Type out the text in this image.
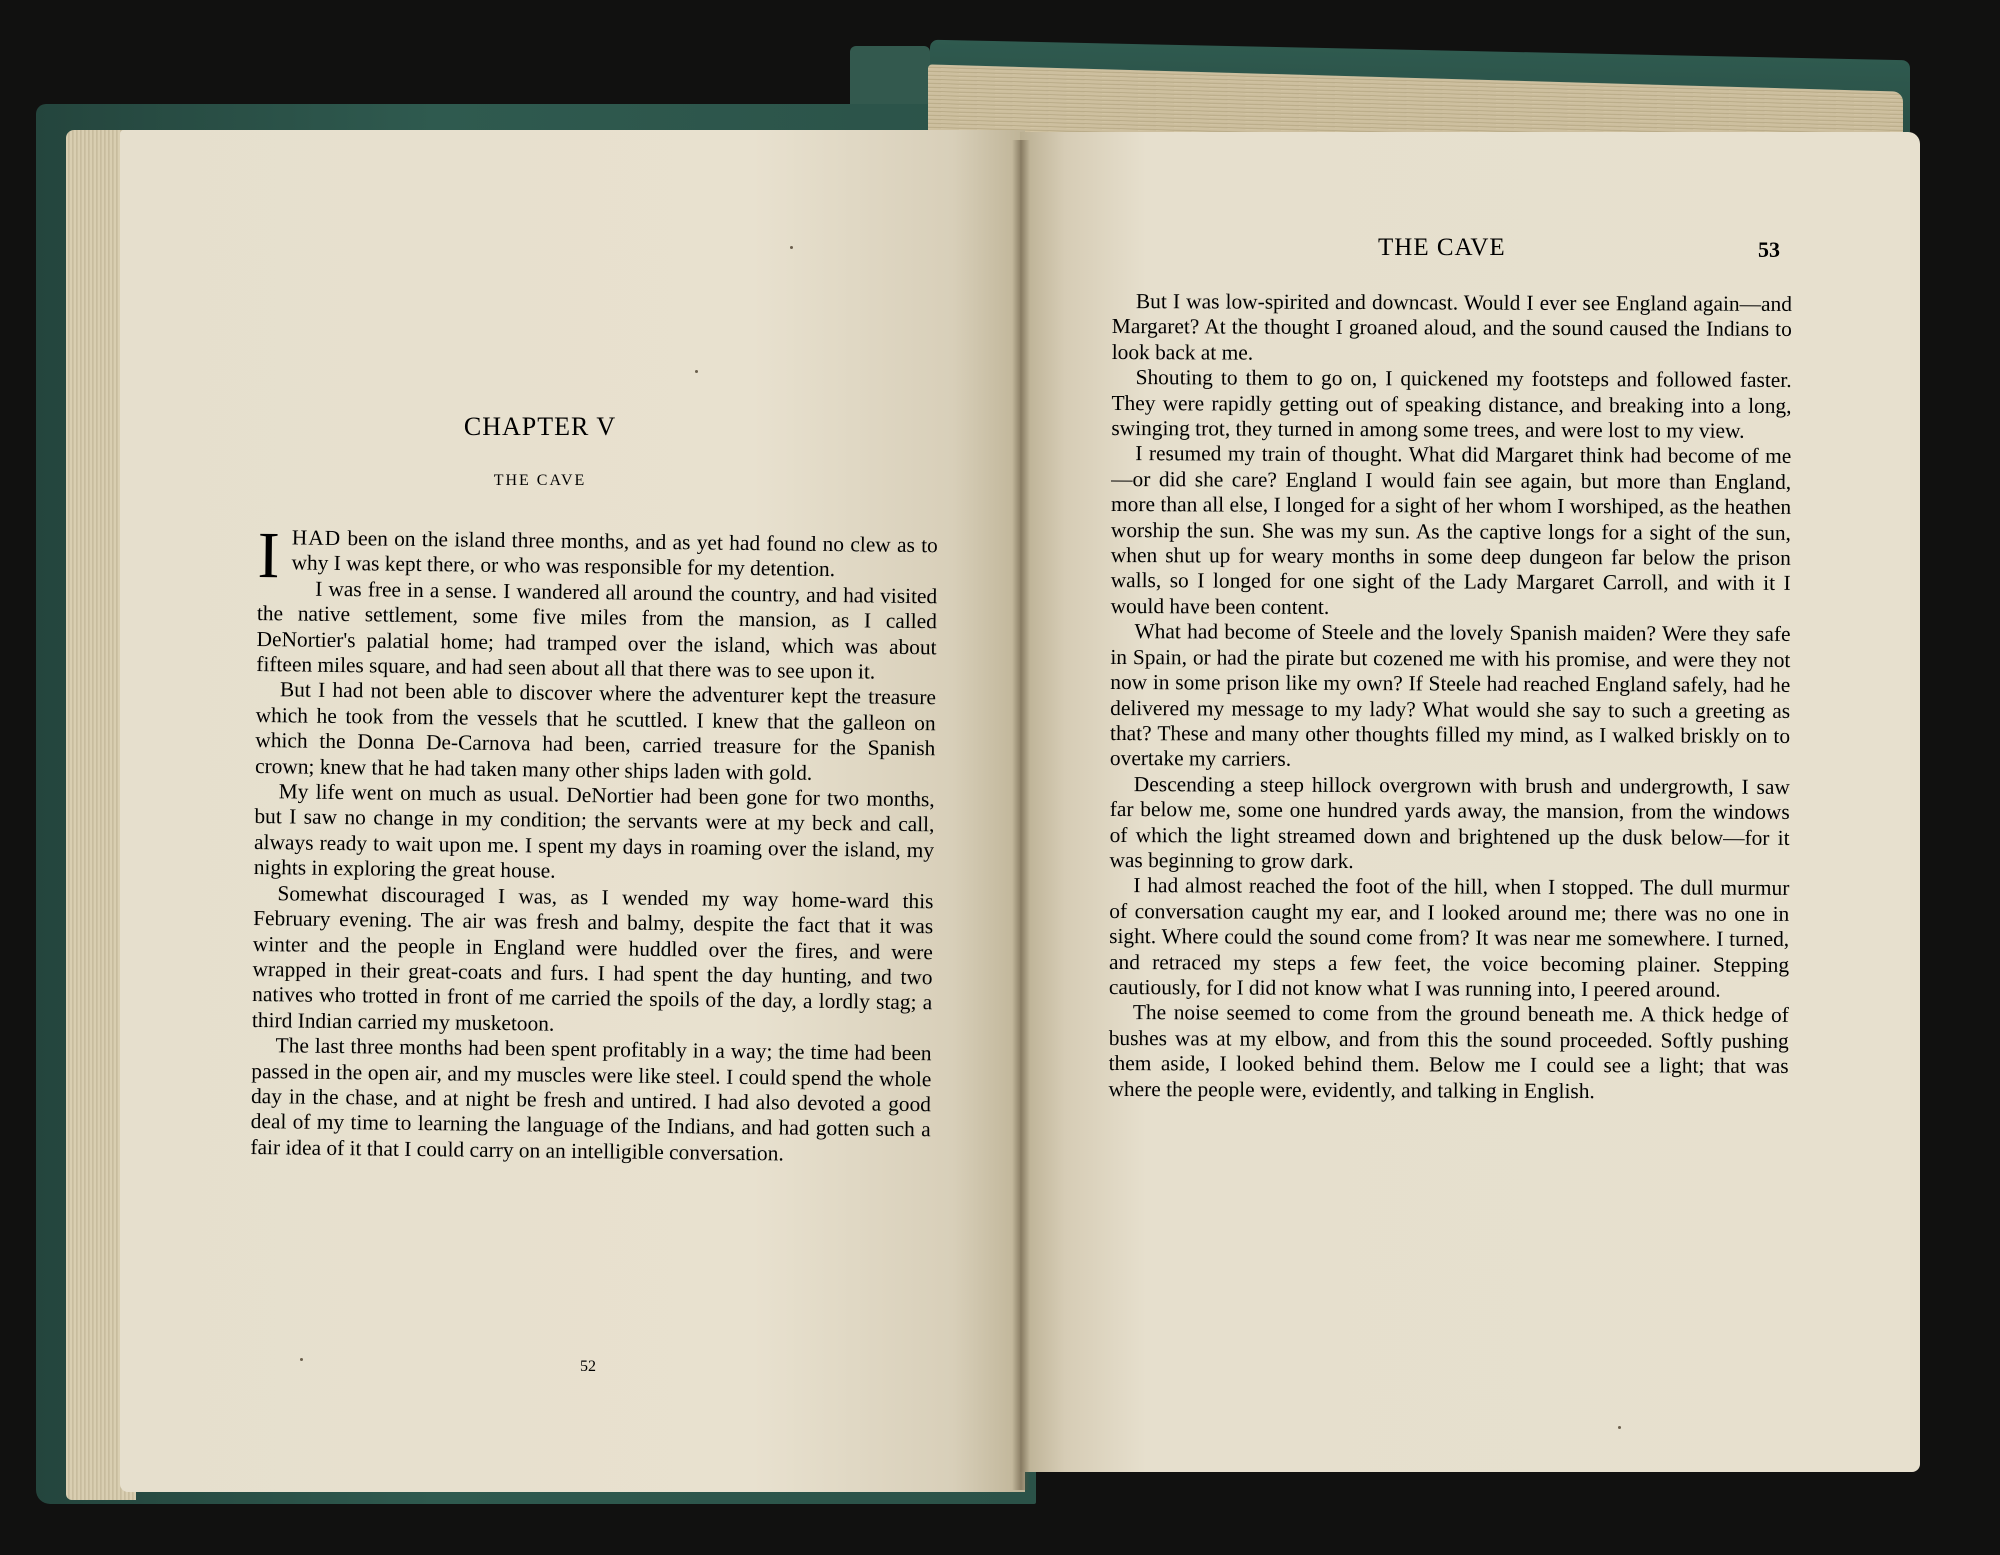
CHAPTER V
THE CAVE

IHAD been on the island three months, and as yet had found no clew as to why I was kept there, or who was responsible for my detention.

I was free in a sense. I wandered all around the country, and had visited the native settlement, some five miles from the mansion, as I called DeNortier's palatial home; had tramped over the island, which was about fifteen miles square, and had seen about all that there was to see upon it.

But I had not been able to discover where the adventurer kept the treasure which he took from the vessels that he scuttled. I knew that the galleon on which the Donna De-Carnova had been, carried treasure for the Spanish crown; knew that he had taken many other ships laden with gold.

My life went on much as usual. DeNortier had been gone for two months, but I saw no change in my condition; the servants were at my beck and call, always ready to wait upon me. I spent my days in roaming over the island, my nights in exploring the great house.

Somewhat discouraged I was, as I wended my way home-ward this February evening. The air was fresh and balmy, despite the fact that it was winter and the people in England were huddled over the fires, and were wrapped in their great-coats and furs. I had spent the day hunting, and two natives who trotted in front of me carried the spoils of the day, a lordly stag; a third Indian carried my musketoon.

The last three months had been spent profitably in a way; the time had been passed in the open air, and my muscles were like steel. I could spend the whole day in the chase, and at night be fresh and untired. I had also devoted a good deal of my time to learning the language of the Indians, and had gotten such a fair idea of it that I could carry on an intelligible conversation.

52
THE CAVE	53

But I was low-spirited and downcast. Would I ever see England again—and Margaret? At the thought I groaned aloud, and the sound caused the Indians to look back at me.

Shouting to them to go on, I quickened my footsteps and followed faster. They were rapidly getting out of speaking distance, and breaking into a long, swinging trot, they turned in among some trees, and were lost to my view.

I resumed my train of thought. What did Margaret think had become of me—or did she care? England I would fain see again, but more than England, more than all else, I longed for a sight of her whom I worshiped, as the heathen worship the sun. She was my sun. As the captive longs for a sight of the sun, when shut up for weary months in some deep dungeon far below the prison walls, so I longed for one sight of the Lady Margaret Carroll, and with it I would have been content.

What had become of Steele and the lovely Spanish maiden? Were they safe in Spain, or had the pirate but cozened me with his promise, and were they not now in some prison like my own? If Steele had reached England safely, had he delivered my message to my lady? What would she say to such a greeting as that? These and many other thoughts filled my mind, as I walked briskly on to overtake my carriers.

Descending a steep hillock overgrown with brush and undergrowth, I saw far below me, some one hundred yards away, the mansion, from the windows of which the light streamed down and brightened up the dusk below—for it was beginning to grow dark.

I had almost reached the foot of the hill, when I stopped. The dull murmur of conversation caught my ear, and I looked around me; there was no one in sight. Where could the sound come from? It was near me somewhere. I turned, and retraced my steps a few feet, the voice becoming plainer. Stepping cautiously, for I did not know what I was running into, I peered around.

The noise seemed to come from the ground beneath me. A thick hedge of bushes was at my elbow, and from this the sound proceeded. Softly pushing them aside, I looked behind them. Below me I could see a light; that was where the people were, evidently, and talking in English.
